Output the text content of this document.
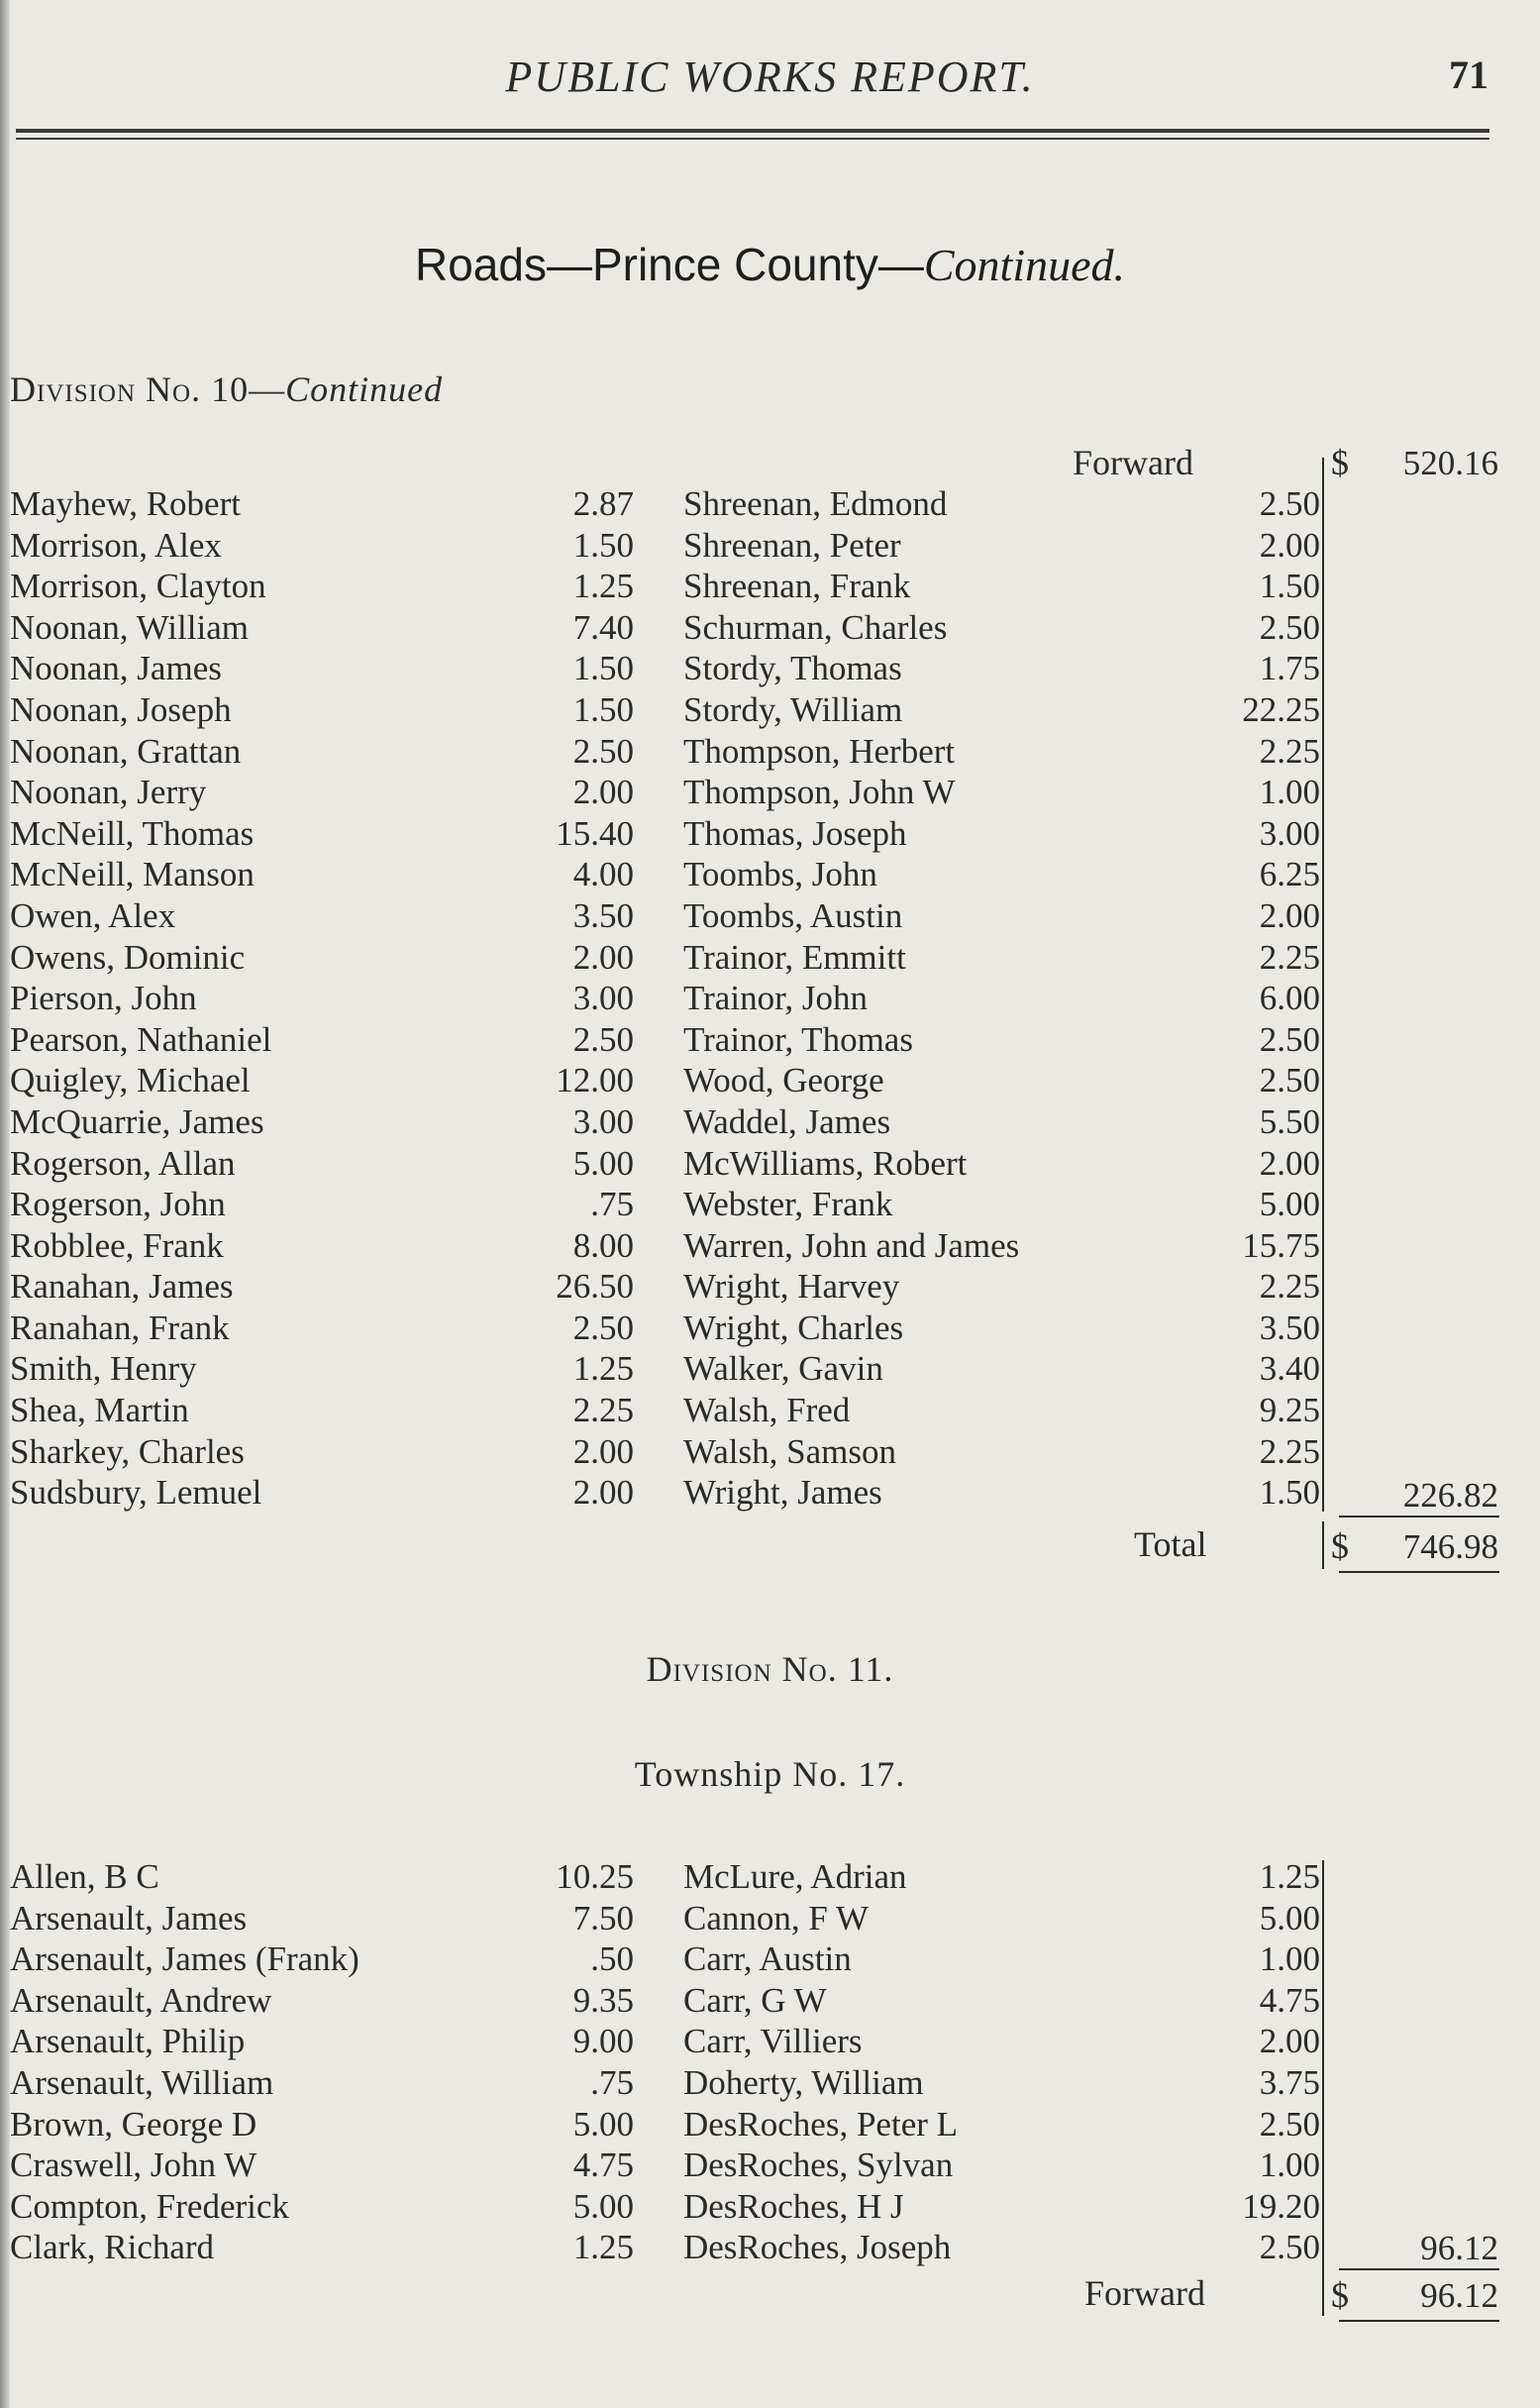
PUBLIC WORKS REPORT.	71
Roads—Prince County—Continued.
Division No. 10—Continued
Forward	$ 520.16
Mayhew, Robert	2.87 Shreenan, Edmond	2.50
Morrison, Alex	1.50 Shreenan, Peter	2.00
Morrison, Clayton	1.25 Shreenan, Frank	1.50
Noonan, William	7.40 Schurman, Charles	2.50
Noonan, James	1.50 Stordy, Thomas	1.75
Noonan, Joseph	1.50 Stordy, William	22.25
Noonan, Grattan	2.50 Thompson, Herbert	2.25
Noonan, Jerry	2.00 Thompson, John W	1.00
McNeill, Thomas	15.40 Thomas, Joseph	3.00
McNeill, Manson	4.00 Toombs, John	6.25
Owen, Alex	3.50 Toombs, Austin	2.00
Owens, Dominic	2.00 Trainor, Emmitt	2.25
Pierson, John	3.00 Trainor, John	6.00
Pearson, Nathaniel	2.50 Trainor, Thomas	2.50
Quigley, Michael	12.00 Wood, George	2.50
McQuarrie, James	3.00 Waddel, James	5.50
Rogerson, Allan	5.00 McWilliams, Robert	2.00
Rogerson, John	.75 Webster, Frank	5.00
Robblee, Frank	8.00 Warren, John and James	15.75
Ranahan, James	26.50 Wright, Harvey	2.25
Ranahan, Frank	2.50 Wright, Charles	3.50
Smith, Henry	1.25 Walker, Gavin	3.40
Shea, Martin	2.25 Walsh, Fred	9.25
Sharkey, Charles	2.00 Walsh, Samson	2.25
Sudsbury, Lemuel	2.00 Wright, James	1.50 226.82
Total	$ 746.98
Division No. 11.
Township No. 17.
Allen, B C	10.25 McLure, Adrian	1.25
Arsenault, James	7.50 Cannon, F W	5.00
Arsenault, James (Frank)	.50 Carr, Austin	1.00
Arsenault, Andrew	9.35 Carr, G W	4.75
Arsenault, Philip	9.00 Carr, Villiers	2.00
Arsenault, William	.75 Doherty, William	3.75
Brown, George D	5.00 DesRoches, Peter L	2.50
Craswell, John W	4.75 DesRoches, Sylvan	1.00
Compton, Frederick	5.00 DesRoches, H J	19.20
Clark, Richard	1.25 DesRoches, Joseph	2.50	96.12
Forward	$ 96.12
